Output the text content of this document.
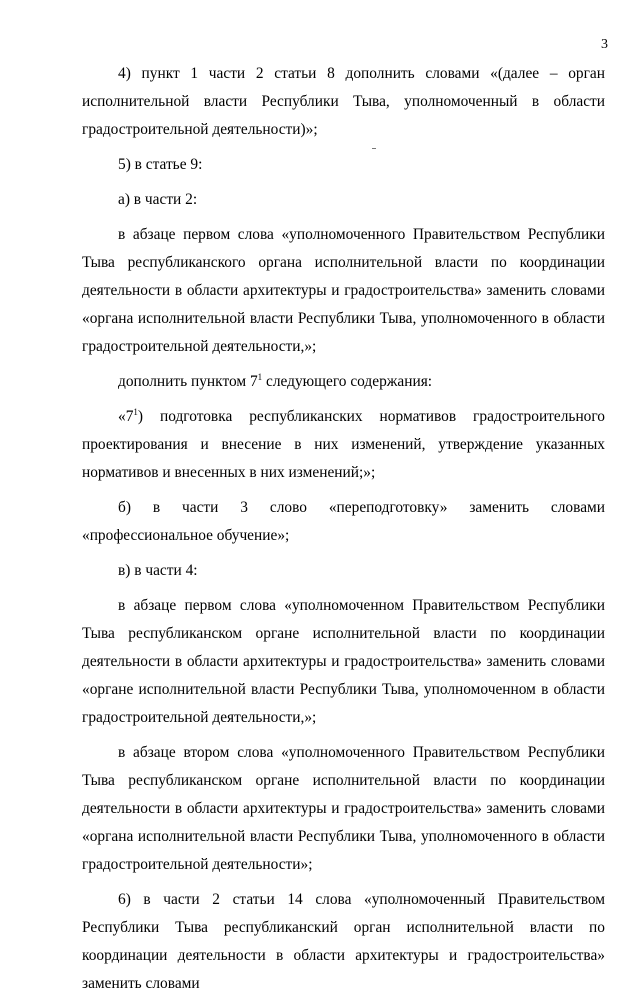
3

4) пункт 1 части 2 статьи 8 дополнить словами «(далее – орган исполнительной власти Республики Тыва, уполномоченный в области градостроительной деятельности)»;

5) в статье 9:

а) в части 2:

в абзаце первом слова «уполномоченного Правительством Республики Тыва республиканского органа исполнительной власти по координации деятельности в области архитектуры и градостроительства» заменить словами «органа исполнительной власти Республики Тыва, уполномоченного в области градостроительной деятельности,»;

дополнить пунктом $7^1$ следующего содержания:

«$7^1$) подготовка республиканских нормативов градостроительного проектирования и внесение в них изменений, утверждение указанных нормативов и внесенных в них изменений;»;

б) в части 3 слово «переподготовку» заменить словами «профессиональное обучение»;

в) в части 4:

в абзаце первом слова «уполномоченном Правительством Республики Тыва республиканском органе исполнительной власти по координации деятельности в области архитектуры и градостроительства» заменить словами «органе исполнительной власти Республики Тыва, уполномоченном в области градостроительной деятельности,»;

в абзаце втором слова «уполномоченного Правительством Республики Тыва республиканском органе исполнительной власти по координации деятельности в области архитектуры и градостроительства» заменить словами «органа исполнительной власти Республики Тыва, уполномоченного в области градостроительной деятельности»;

6) в части 2 статьи 14 слова «уполномоченный Правительством Республики Тыва республиканский орган исполнительной власти по координации деятельности в области архитектуры и градостроительства» заменить словами
